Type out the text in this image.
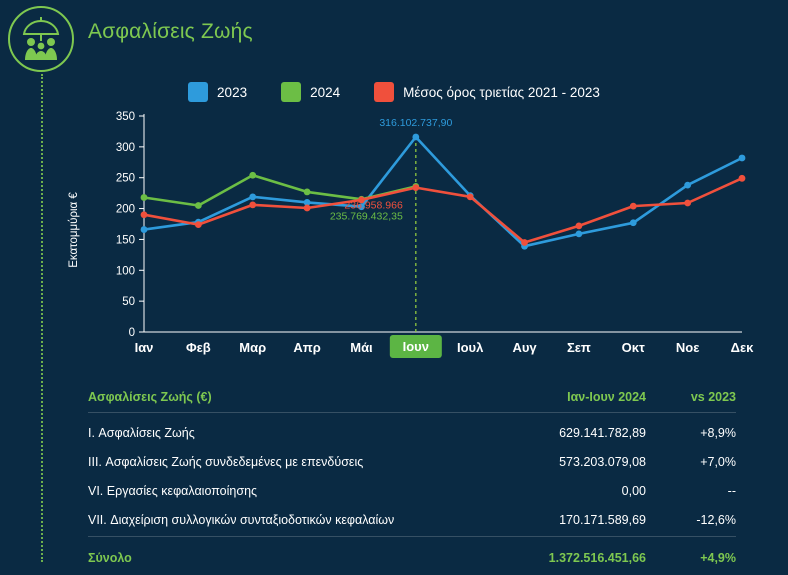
Ασφαλίσεις Ζωής
2023	2024	Μέσος όρος τριετίας 2021 - 2023
Εκατομμύρια €
0
50
100
150
200
250
300
350	316.102.737,90
236.958.966
235.769.432,35
Ιαν	Φεβ Μαρ Απρ Μάι	Ιουν	Ιουλ Αυγ Σεπ Οκτ Νοε Δεκ
Ασφαλίσεις Ζωής (€)	Ιαν-Ιουν 2024	vs 2023
I. Ασφαλίσεις Ζωής	629.141.782,89	+8,9%
III. Ασφαλίσεις Ζωής συνδεδεμένες με επενδύσεις	573.203.079,08	+7,0%
VI. Εργασίες κεφαλαιοποίησης	0,00	--
VII. Διαχείριση συλλογικών συνταξιοδοτικών κεφαλαίων	170.171.589,69	-12,6%
Σύνολο	1.372.516.451,66	+4,9%
